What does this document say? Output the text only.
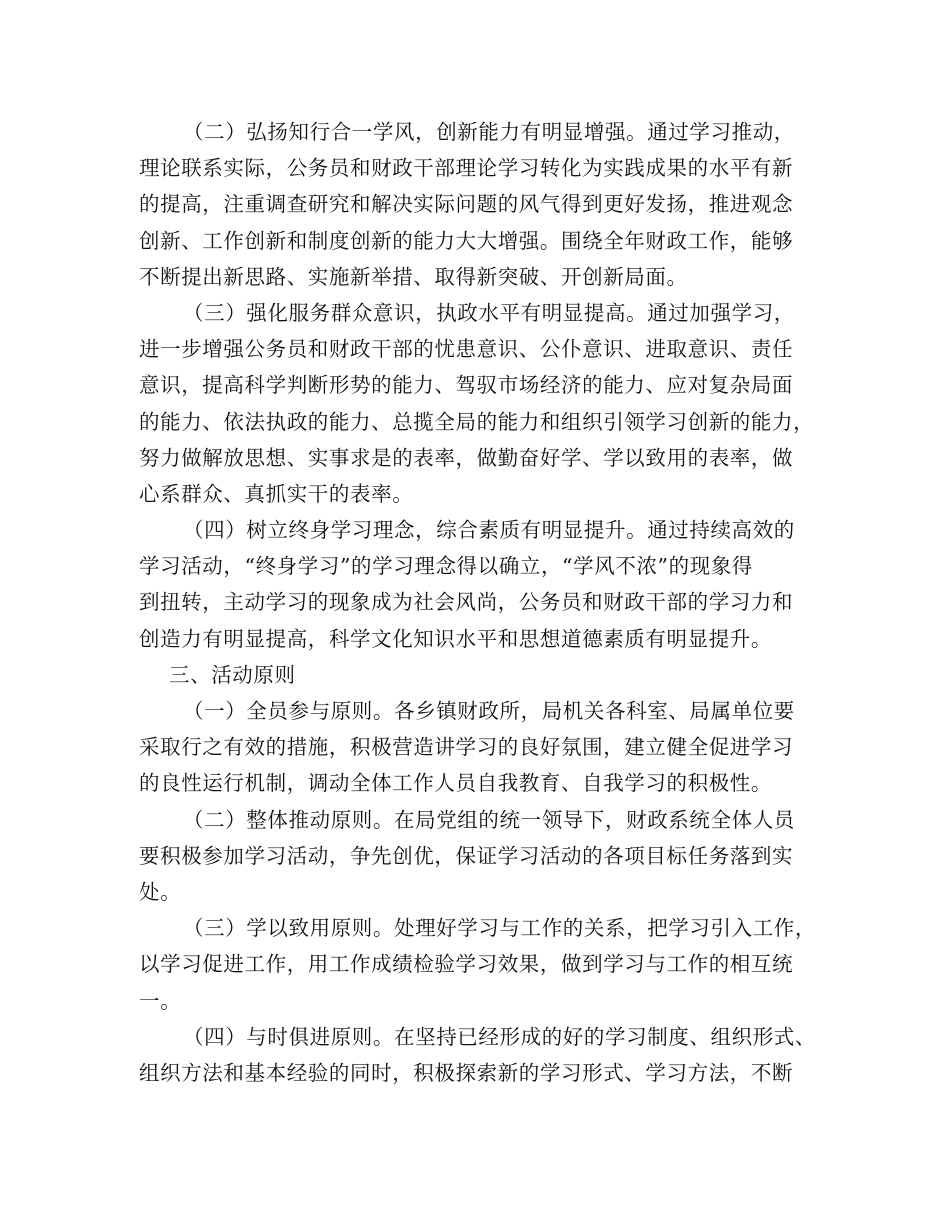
（二）弘扬知行合一学风，创新能力有明显增强。通过学习推动，
理论联系实际，公务员和财政干部理论学习转化为实践成果的水平有新
的提高，注重调查研究和解决实际问题的风气得到更好发扬，推进观念
创新、工作创新和制度创新的能力大大增强。围绕全年财政工作，能够
不断提出新思路、实施新举措、取得新突破、开创新局面。
（三）强化服务群众意识，执政水平有明显提高。通过加强学习，
进一步增强公务员和财政干部的忧患意识、公仆意识、进取意识、责任
意识，提高科学判断形势的能力、驾驭市场经济的能力、应对复杂局面
的能力、依法执政的能力、总揽全局的能力和组织引领学习创新的能力，
努力做解放思想、实事求是的表率，做勤奋好学、学以致用的表率，做
心系群众、真抓实干的表率。
（四）树立终身学习理念，综合素质有明显提升。通过持续高效的
学习活动，“终身学习”的学习理念得以确立，“学风不浓”的现象得
到扭转，主动学习的现象成为社会风尚，公务员和财政干部的学习力和
创造力有明显提高，科学文化知识水平和思想道德素质有明显提升。
三、活动原则
（一）全员参与原则。各乡镇财政所，局机关各科室、局属单位要
采取行之有效的措施，积极营造讲学习的良好氛围，建立健全促进学习
的良性运行机制，调动全体工作人员自我教育、自我学习的积极性。
（二）整体推动原则。在局党组的统一领导下，财政系统全体人员
要积极参加学习活动，争先创优，保证学习活动的各项目标任务落到实
处。
（三）学以致用原则。处理好学习与工作的关系，把学习引入工作，
以学习促进工作，用工作成绩检验学习效果，做到学习与工作的相互统
一。
（四）与时俱进原则。在坚持已经形成的好的学习制度、组织形式、
组织方法和基本经验的同时，积极探索新的学习形式、学习方法，不断
